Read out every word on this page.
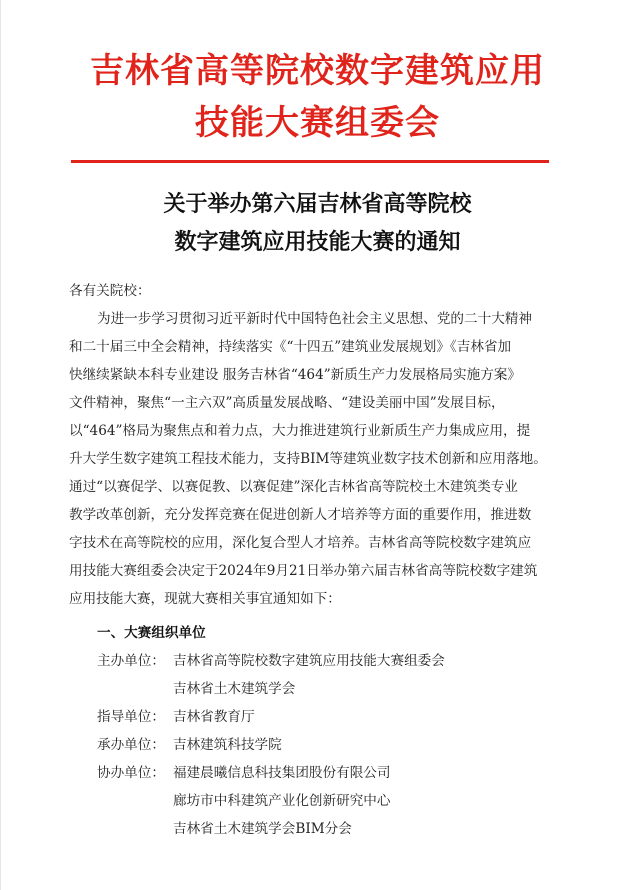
吉林省高等院校数字建筑应用
技能大赛组委会
关于举办第六届吉林省高等院校
数字建筑应用技能大赛的通知

各有关院校：

为进一步学习贯彻习近平新时代中国特色社会主义思想、党的二十大精神

和二十届三中全会精神，持续落实《“十四五”建筑业发展规划》《吉林省加

快继续紧缺本科专业建设 服务吉林省“464”新质生产力发展格局实施方案》

文件精神，聚焦“一主六双”高质量发展战略、“建设美丽中国”发展目标，

以“464”格局为聚焦点和着力点，大力推进建筑行业新质生产力集成应用，提

升大学生数字建筑工程技术能力，支持BIM等建筑业数字技术创新和应用落地。

通过“以赛促学、以赛促教、以赛促建”深化吉林省高等院校土木建筑类专业

教学改革创新，充分发挥竞赛在促进创新人才培养等方面的重要作用，推进数

字技术在高等院校的应用，深化复合型人才培养。吉林省高等院校数字建筑应

用技能大赛组委会决定于2024年9月21日举办第六届吉林省高等院校数字建筑

应用技能大赛，现就大赛相关事宜通知如下：

一、大赛组织单位
主办单位： 吉林省高等院校数字建筑应用技能大赛组委会
吉林省土木建筑学会
指导单位： 吉林省教育厅
承办单位： 吉林建筑科技学院
协办单位： 福建晨曦信息科技集团股份有限公司
廊坊市中科建筑产业化创新研究中心
吉林省土木建筑学会BIM分会
